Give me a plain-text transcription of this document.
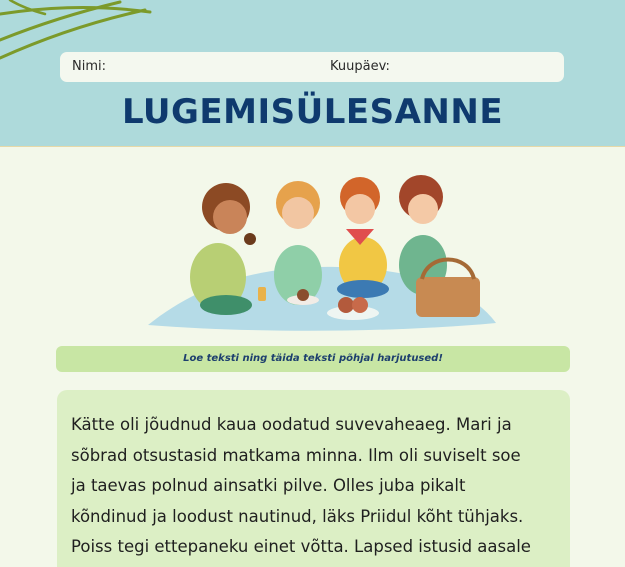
Nimi:	Kuupäev:
LUGEMISÜLESANNE
Loe teksti ning täida teksti põhjal harjutused!

Kätte oli jõudnud kaua oodatud suvevaheaeg. Mari ja
sõbrad otsustasid matkama minna. Ilm oli suviselt soe
ja taevas polnud ainsatki pilve. Olles juba pikalt
kõndinud ja loodust nautinud, läks Priidul kõht tühjaks.
Poiss tegi ettepaneku einet võtta. Lapsed istusid aasale
